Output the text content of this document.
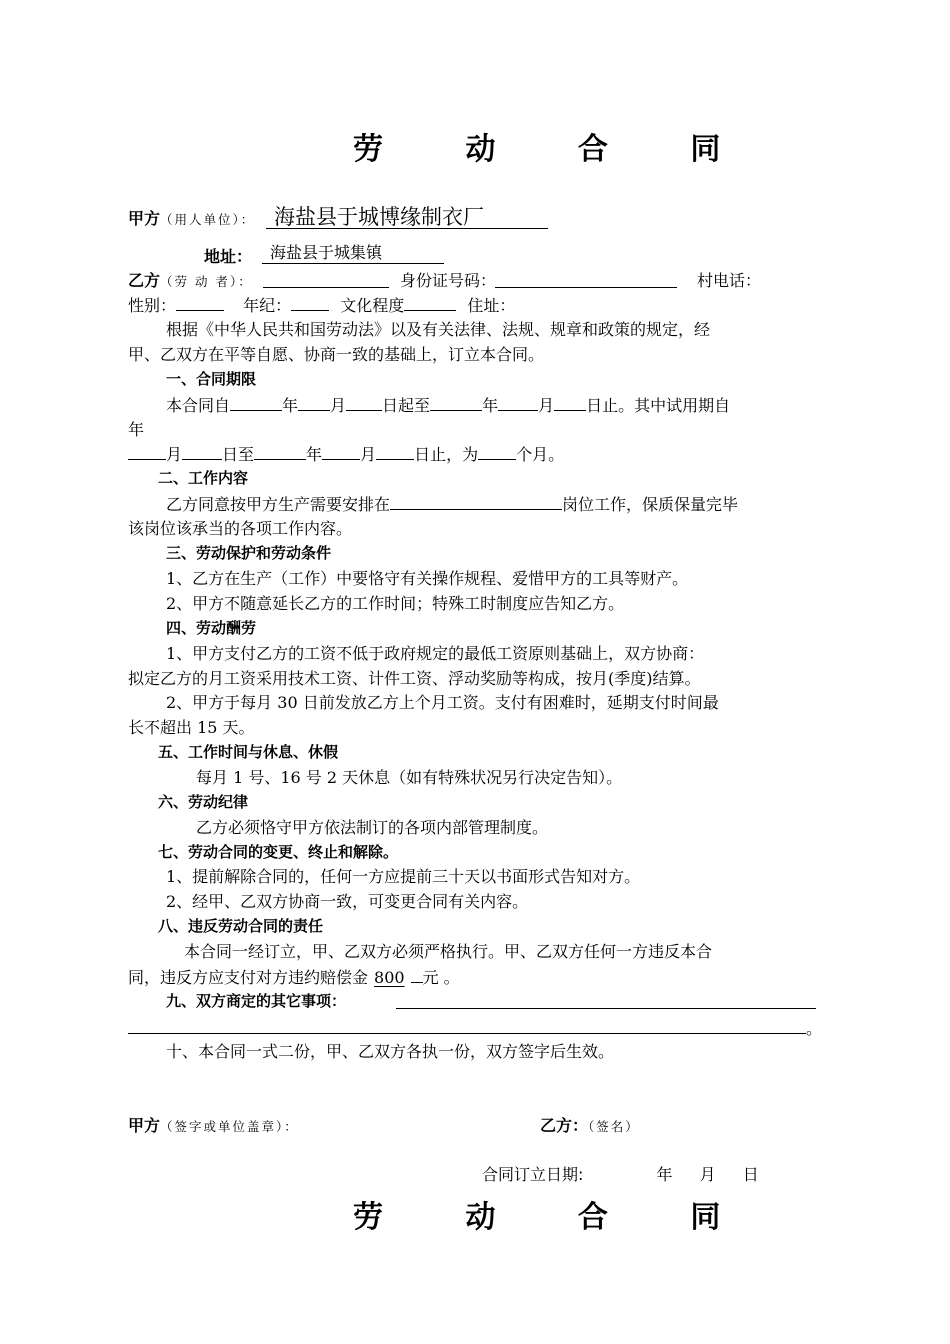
劳 动 合 同
甲方（用人单位）： 海盐县于城博缘制衣厂
地址： 海盐县于城集镇
乙方（劳 动 者）：	身份证号码：	村电话：
性别：	年纪：	文化程度	住址：
根据《中华人民共和国劳动法》以及有关法律、法规、规章和政策的规定，经
甲、乙双方在平等自愿、协商一致的基础上，订立本合同。
一、合同期限
本合同自	年 月 日起至	年	月 日止。其中试用期自
年
月	日至	年 月 日止，为 个月。
二、工作内容
乙方同意按甲方生产需要安排在	岗位工作，保质保量完毕
该岗位该承当的各项工作内容。
三、劳动保护和劳动条件
1、乙方在生产（工作）中要恪守有关操作规程、爱惜甲方的工具等财产。
2、甲方不随意延长乙方的工作时间；特殊工时制度应告知乙方。
四、劳动酬劳
1、甲方支付乙方的工资不低于政府规定的最低工资原则基础上，双方协商：
拟定乙方的月工资采用技术工资、计件工资、浮动奖励等构成，按月(季度)结算。
2、甲方于每月 30 日前发放乙方上个月工资。支付有困难时，延期支付时间最
长不超出 15 天。
五、工作时间与休息、休假
每月 1 号、16 号 2 天休息（如有特殊状况另行决定告知）。
六、劳动纪律
乙方必须恪守甲方依法制订的各项内部管理制度。
七、劳动合同的变更、终止和解除。
1、提前解除合同的，任何一方应提前三十天以书面形式告知对方。
2、经甲、乙双方协商一致，可变更合同有关内容。
八、违反劳动合同的责任
本合同一经订立，甲、乙双方必须严格执行。甲、乙双方任何一方违反本合
同，违反方应支付对方违约赔偿金 800 元 。
九、双方商定的其它事项：
。
十、本合同一式二份，甲、乙双方各执一份，双方签字后生效。
甲方（签字或单位盖章）：	乙方：（签名）
合同订立日期:	年 月 日
劳 动 合 同
